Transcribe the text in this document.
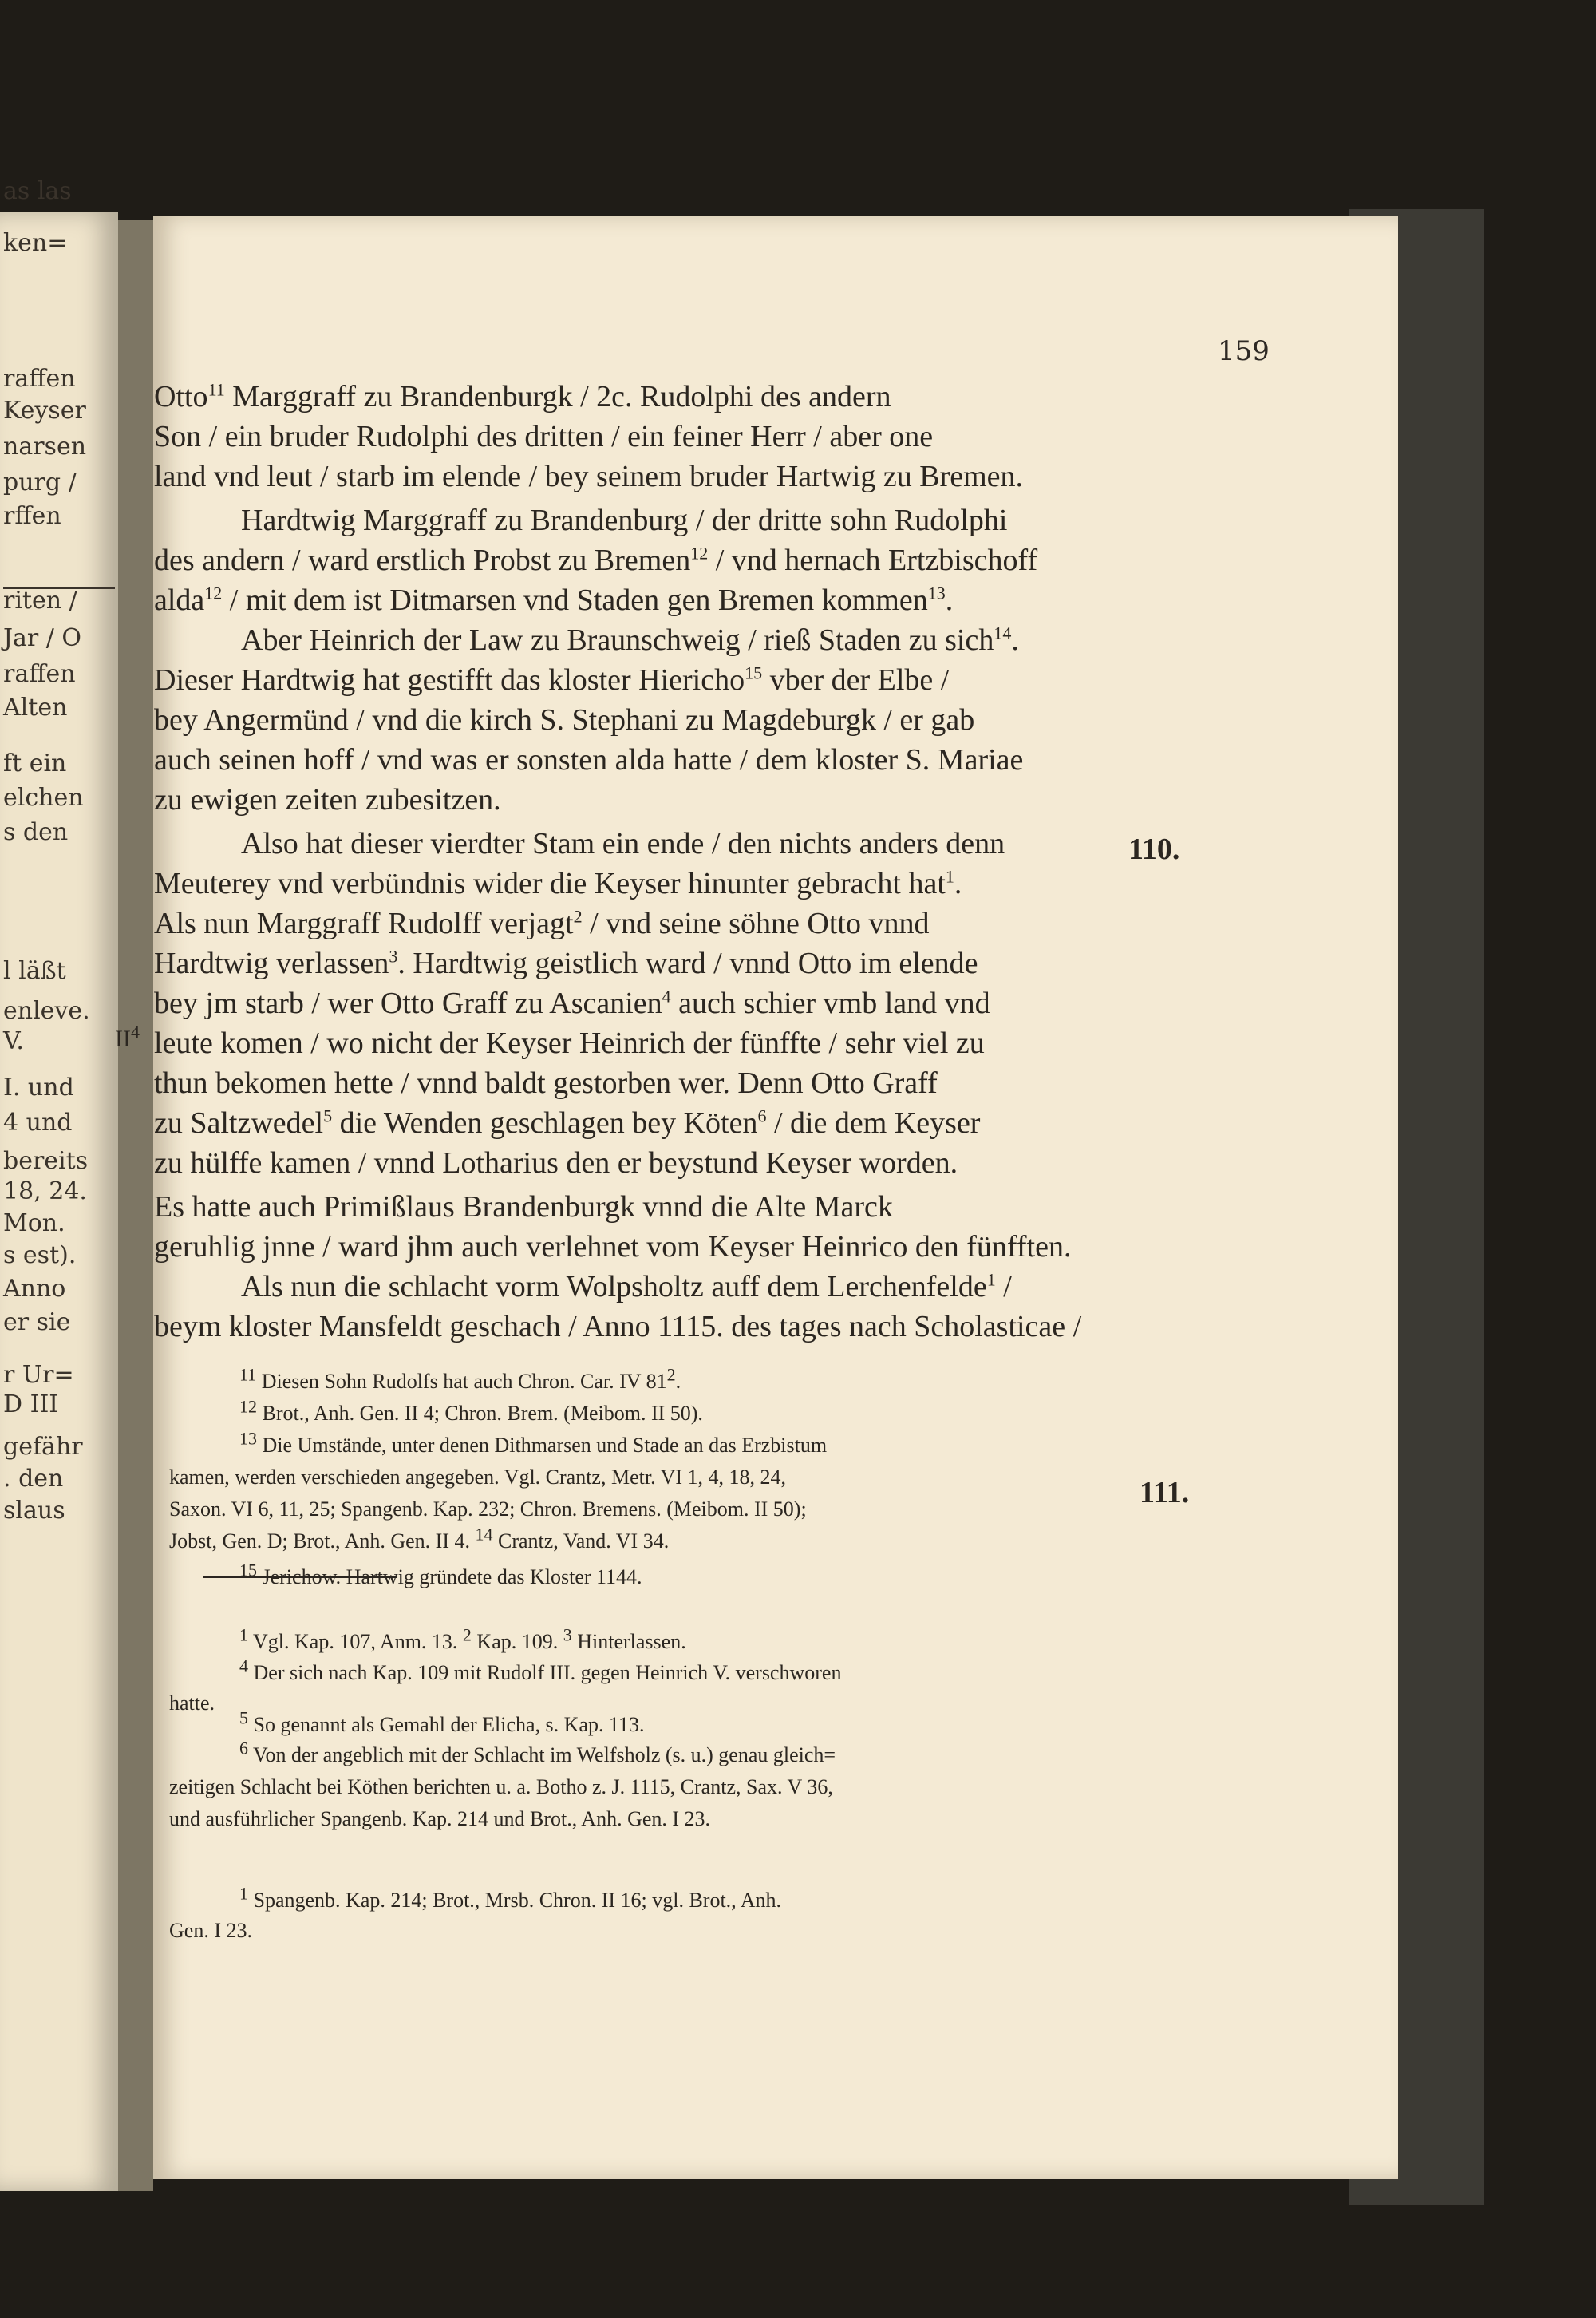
as las
ken=
raffen
Keyser
narsen
purg /
rffen
riten /
Jar / O
raffen
Alten
ft ein
elchen
s den
l läßt
enleve.
V.
I. und
4 und
bereits
18, 24.
Mon.
s est).
Anno
er sie
r Ur=
D III
gefähr
. den
slaus
159
$II^4$
110.
111.
Otto$^{11}$ Marggraff zu Brandenburgk / 2c. Rudolphi des andern
Son / ein bruder Rudolphi des dritten / ein feiner Herr / aber one
land vnd leut / starb im elende / bey seinem bruder Hartwig zu Bremen.
Hardtwig Marggraff zu Brandenburg / der dritte sohn Rudolphi
des andern / ward erstlich Probst zu Bremen$^{12}$ / vnd hernach Ertzbischoff
alda$^{12}$ / mit dem ist Ditmarsen vnd Staden gen Bremen kommen$^{13}$.
Aber Heinrich der Law zu Braunschweig / rieß Staden zu sich$^{14}$.
Dieser Hardtwig hat gestifft das kloster Hiericho$^{15}$ vber der Elbe /
bey Angermünd / vnd die kirch S. Stephani zu Magdeburgk / er gab
auch seinen hoff / vnd was er sonsten alda hatte / dem kloster S. Mariae
zu ewigen zeiten zubesitzen.
Also hat dieser vierdter Stam ein ende / den nichts anders denn
Meuterey vnd verbündnis wider die Keyser hinunter gebracht hat$^1$.
Als nun Marggraff Rudolff verjagt$^2$ / vnd seine söhne Otto vnnd
Hardtwig verlassen$^3$. Hardtwig geistlich ward / vnnd Otto im elende
bey jm starb / wer Otto Graff zu Ascanien$^4$ auch schier vmb land vnd
leute komen / wo nicht der Keyser Heinrich der fünffte / sehr viel zu
thun bekomen hette / vnnd baldt gestorben wer. Denn Otto Graff
zu Saltzwedel$^5$ die Wenden geschlagen bey Köten$^6$ / die dem Keyser
zu hülffe kamen / vnnd Lotharius den er beystund Keyser worden.
Es hatte auch Primißlaus Brandenburgk vnnd die Alte Marck
geruhlig jnne / ward jhm auch verlehnet vom Keyser Heinrico den fünfften.
Als nun die schlacht vorm Wolpsholtz auff dem Lerchenfelde$^1$ /
beym kloster Mansfeldt geschach / Anno 1115. des tages nach Scholasticae /
$^{11}$ Diesen Sohn Rudolfs hat auch Chron. Car. IV $81^2$.
$^{12}$ Brot., Anh. Gen. II 4; Chron. Brem. (Meibom. II 50).
$^{13}$ Die Umstände, unter denen Dithmarsen und Stade an das Erzbistum
kamen, werden verschieden angegeben. Vgl. Crantz, Metr. VI 1, 4, 18, 24,
Saxon. VI 6, 11, 25; Spangenb. Kap. 232; Chron. Bremens. (Meibom. II 50);
Jobst, Gen. D; Brot., Anh. Gen. II 4. $^{14}$ Crantz, Vand. VI 34.
$^{15}$ Jerichow. Hartwig gründete das Kloster 1144.
$^1$ Vgl. Kap. 107, Anm. 13. $^2$ Kap. 109. $^3$ Hinterlassen.
$^4$ Der sich nach Kap. 109 mit Rudolf III. gegen Heinrich V. verschworen
hatte.
$^5$ So genannt als Gemahl der Elicha, s. Kap. 113.
$^6$ Von der angeblich mit der Schlacht im Welfsholz (s. u.) genau gleich=
zeitigen Schlacht bei Köthen berichten u. a. Botho z. J. 1115, Crantz, Sax. V 36,
und ausführlicher Spangenb. Kap. 214 und Brot., Anh. Gen. I 23.
$^1$ Spangenb. Kap. 214; Brot., Mrsb. Chron. II 16; vgl. Brot., Anh.
Gen. I 23.
